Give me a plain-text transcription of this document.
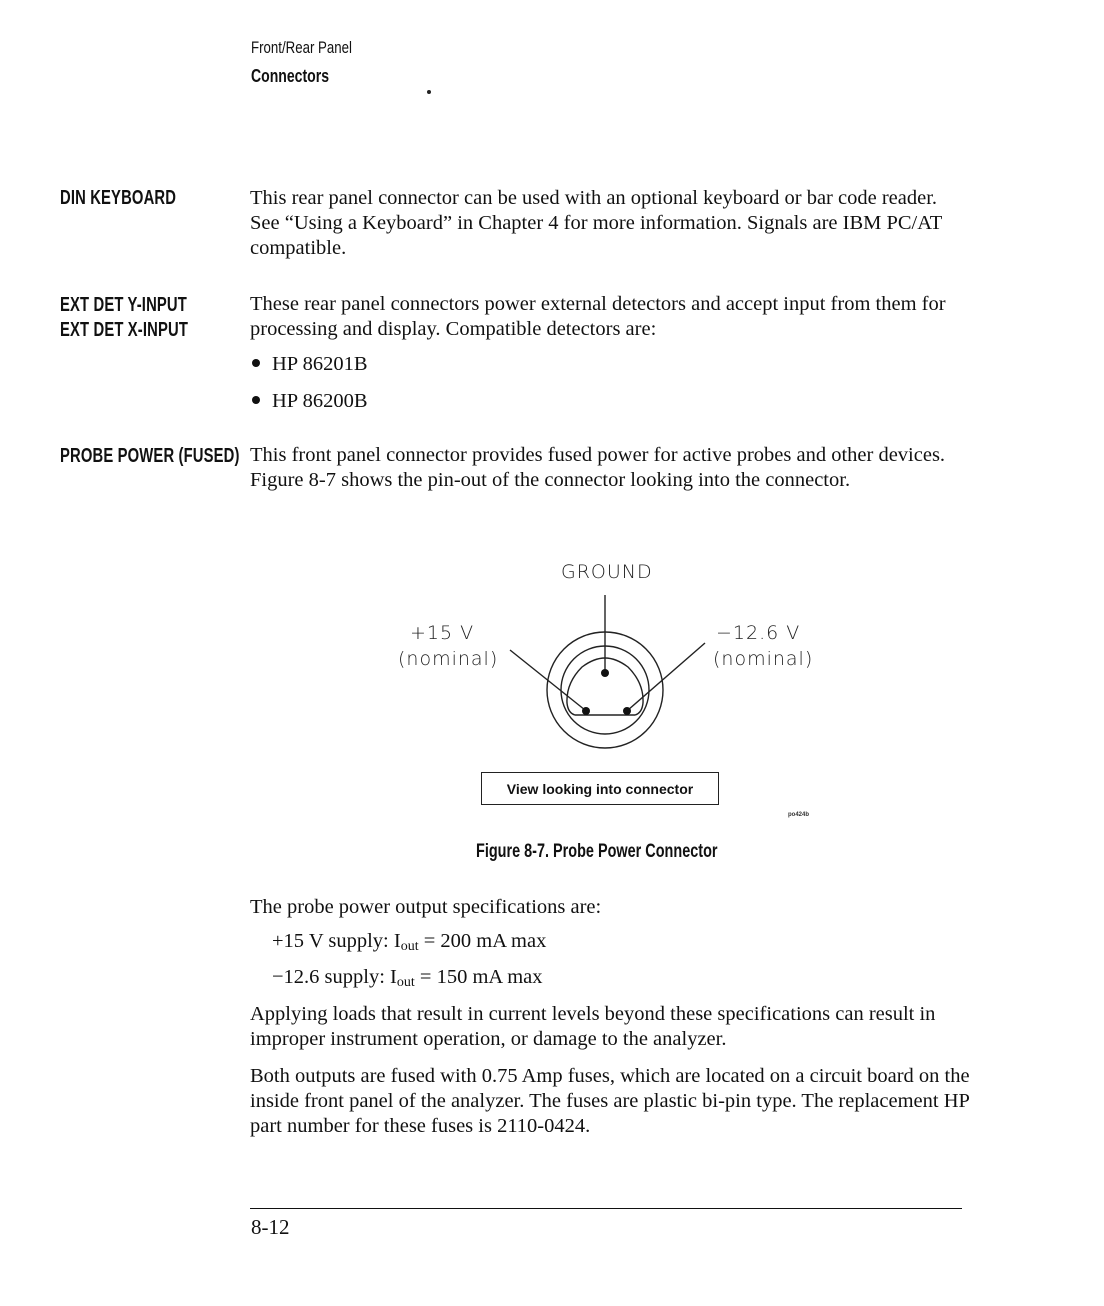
Front/Rear Panel
Connectors
DIN KEYBOARD	This rear panel connector can be used with an optional keyboard or bar code reader. See “Using a Keyboard” in Chapter 4 for more information. Signals are IBM PC/AT compatible.
EXT DET Y-INPUT
EXT DET X-INPUT
These rear panel connectors power external detectors and accept input from them for processing and display. Compatible detectors are:
HP 86201B
HP 86200B
PROBE POWER (FUSED) This front panel connector provides fused power for active probes and other devices. Figure 8-7 shows the pin-out of the connector looking into the connector.
GROUND
+15 V
(nominal)
−12.6 V
(nominal)
View looking into connector
po424b
Figure 8-7. Probe Power Connector
The probe power output specifications are:
+15 V supply: $I_{out} = 200$ mA max
−12.6 supply: $I_{out} = 150$ mA max
Applying loads that result in current levels beyond these specifications can result in improper instrument operation, or damage to the analyzer.
Both outputs are fused with 0.75 Amp fuses, which are located on a circuit board on the inside front panel of the analyzer. The fuses are plastic bi-pin type. The replacement HP part number for these fuses is 2110-0424.
8-12
